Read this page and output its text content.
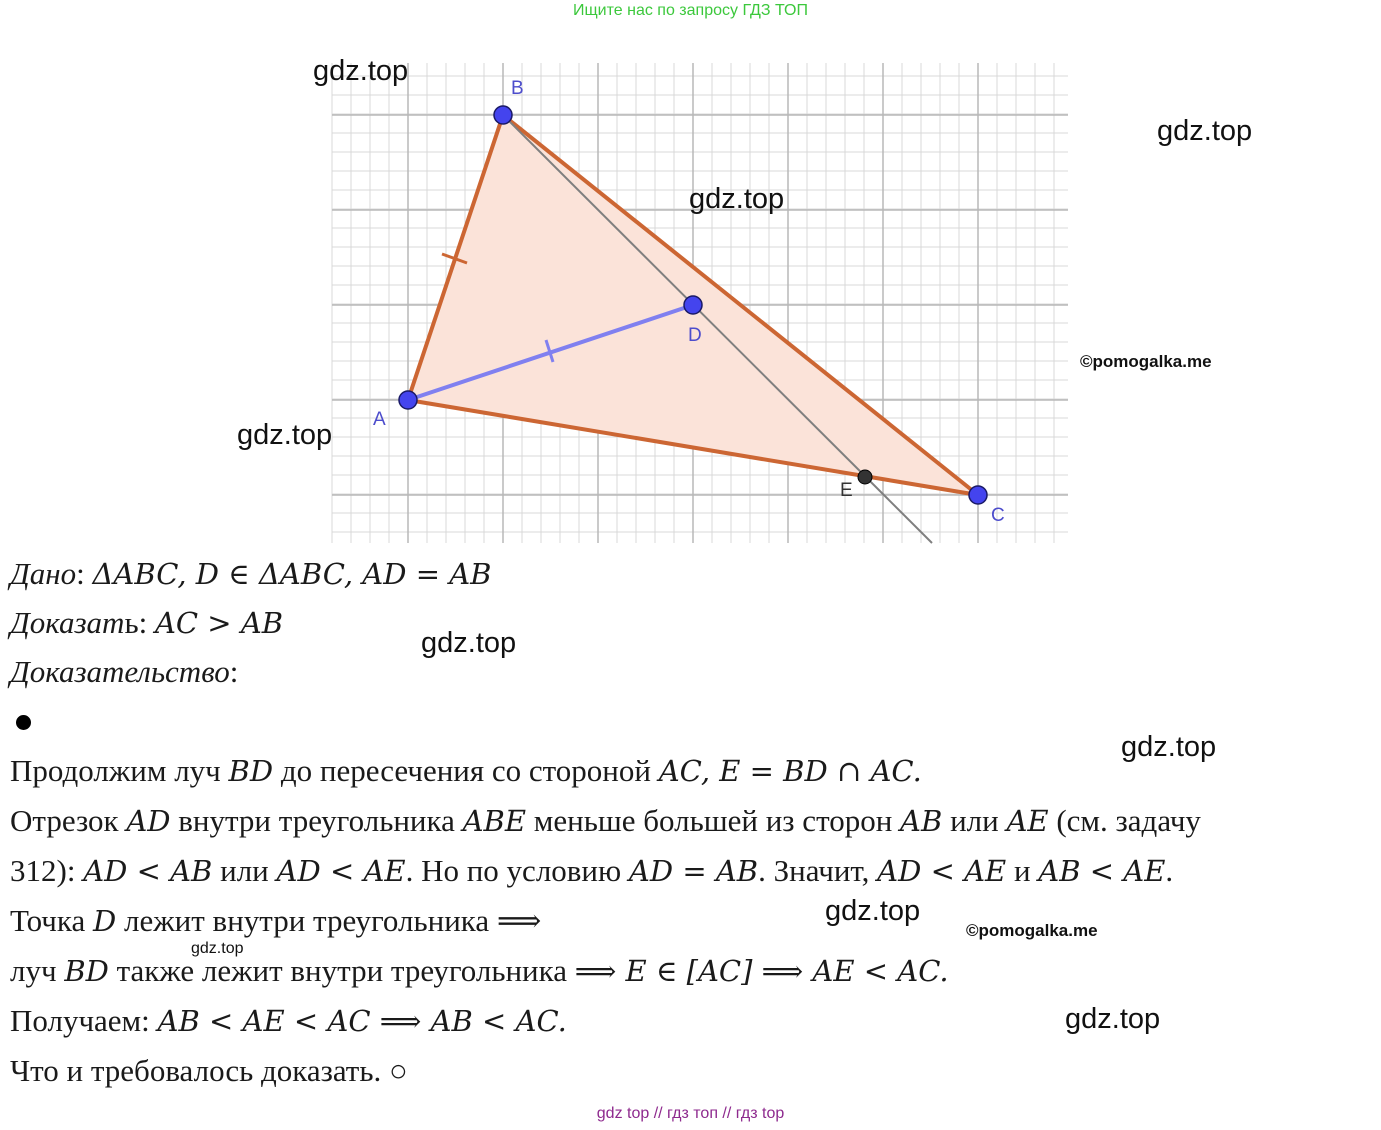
Ищите нас по запросу ГДЗ ТОП
A
B
C
D
E
gdz.top
gdz.top
gdz.top
gdz.top
©pomogalka.me
Дано: ΔABC, D ∈ ΔABC, AD = AB
Доказать: AC > AB
gdz.top
Доказательство:
gdz.top
Продолжим луч BD до пересечения со стороной AC, E = BD ∩ AC.
Отрезок AD внутри треугольника ABE меньше большей из сторон AB или AE (см. задачу
312): AD < AB или AD < AE. Но по условию AD = AB. Значит, AD < AE и AB < AE.
Точка D лежит внутри треугольника ⟹	gdz.top
©pomogalka.me
gdz.top
луч BD также лежит внутри треугольника ⟹ E ∈ [AC] ⟹ AE < AC.
Получаем: AB < AE < AC ⟹ AB < AC.	gdz.top
Что и требовалось доказать. ○
gdz top // гдз топ // гдз top
